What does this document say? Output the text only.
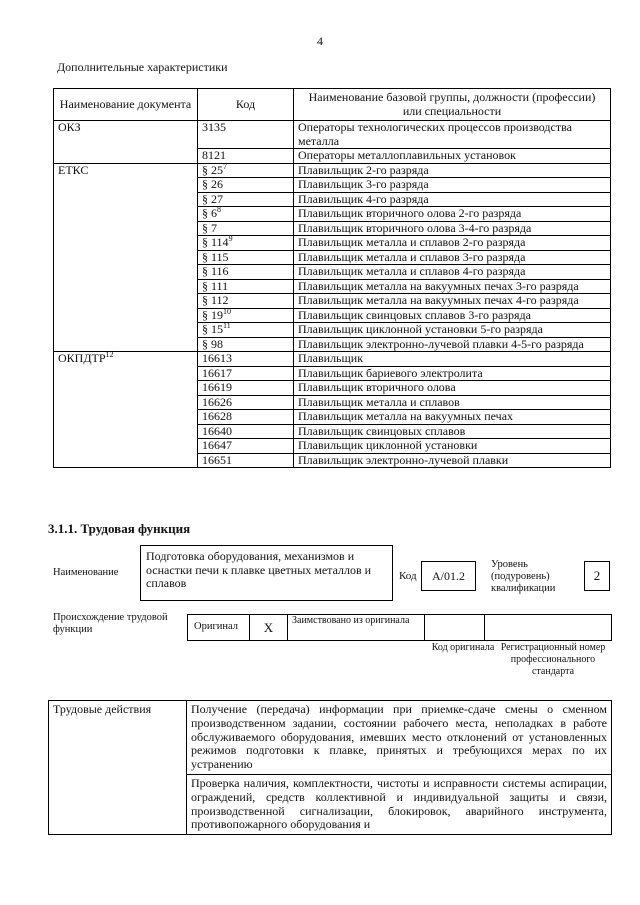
4
Дополнительные характеристики
Наименование документа	Код	Наименование базовой группы, должности (профессии) или специальности
ОКЗ	3135	Операторы технологических процессов производства металла
	8121	Операторы металлоплавильных установок
ЕТКС	§ $25^7$	Плавильщик 2-го разряда
	§ 26	Плавильщик 3-го разряда
	§ 27	Плавильщик 4-го разряда
	§ $6^8$	Плавильщик вторичного олова 2-го разряда
	§ 7	Плавильщик вторичного олова 3-4-го разряда
	§ $114^9$	Плавильщик металла и сплавов 2-го разряда
	§ 115	Плавильщик металла и сплавов 3-го разряда
	§ 116	Плавильщик металла и сплавов 4-го разряда
	§ 111	Плавильщик металла на вакуумных печах 3-го разряда
	§ 112	Плавильщик металла на вакуумных печах 4-го разряда
	§ $19^{10}$	Плавильщик свинцовых сплавов 3-го разряда
	§ $15^{11}$	Плавильщик циклонной установки 5-го разряда
	§ 98	Плавильщик электронно-лучевой плавки 4-5-го разряда
ОКПДТР$^{12}$	16613	Плавильщик
	16617	Плавильщик бариевого электролита
	16619	Плавильщик вторичного олова
	16626	Плавильщик металла и сплавов
	16628	Плавильщик металла на вакуумных печах
	16640	Плавильщик свинцовых сплавов
	16647	Плавильщик циклонной установки
	16651	Плавильщик электронно-лучевой плавки
3.1.1. Трудовая функция
Наименование
Подготовка оборудования, механизмов и оснастки печи к плавке цветных металлов и сплавов	Код	A/01.2
Уровень (подуровень) квалификации
2
Происхождение трудовой функции	Оригинал	X	Заимствовано из оригинала
Код оригинала Регистрационный номер профессионального стандарта
Трудовые действия	Получение (передача) информации при приемке-сдаче смены о сменном производственном задании, состоянии рабочего места, неполадках в работе обслуживаемого оборудования, имевших место отклонений от установленных режимов подготовки к плавке, принятых и требующихся мерах по их устранению
Проверка наличия, комплектности, чистоты и исправности системы аспирации, ограждений, средств коллективной и индивидуальной защиты и связи, производственной сигнализации, блокировок, аварийного инструмента, противопожарного оборудования и
